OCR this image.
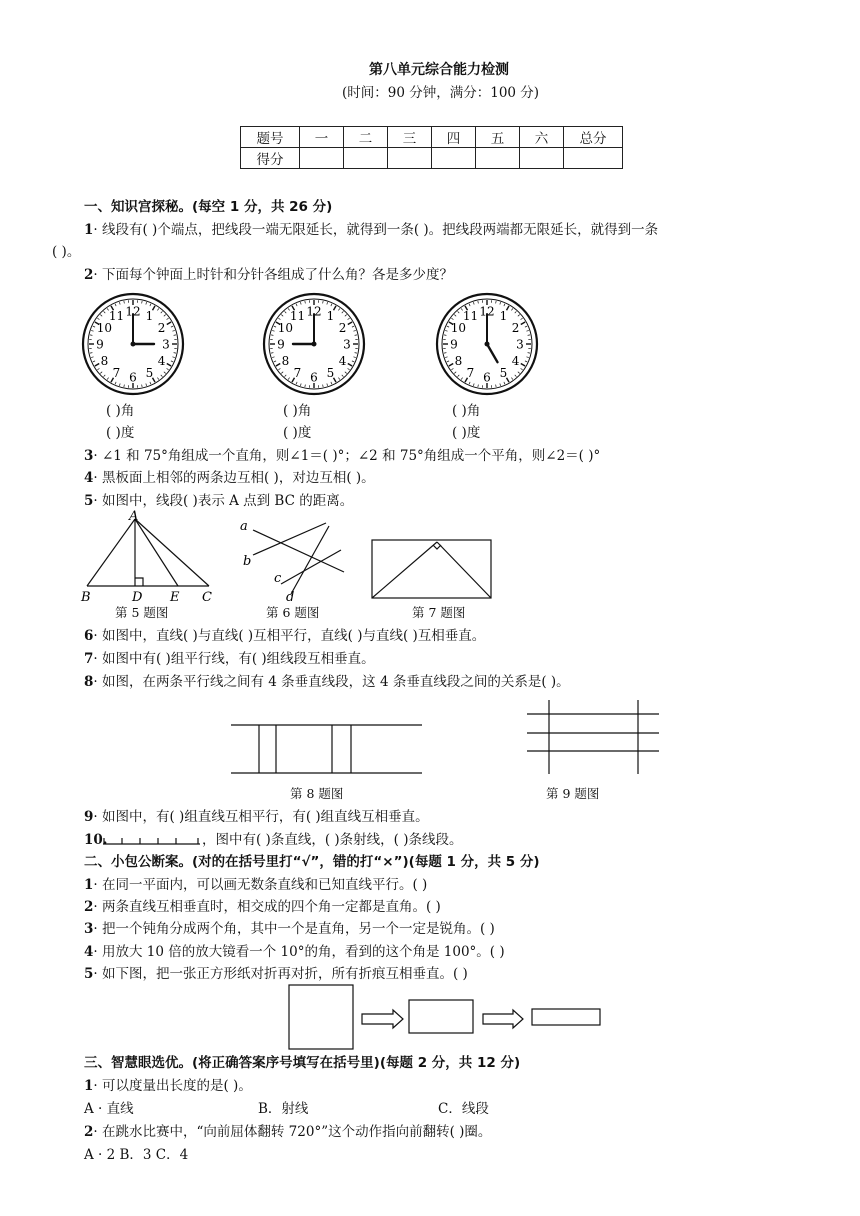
第八单元综合能力检测
(时间：90 分钟，满分：100 分)
题号	一	二	三	四	五	六	总分
得分							
一、知识宫探秘。(每空 1 分，共 26 分)
1· 线段有( )个端点，把线段一端无限延长，就得到一条( )。把线段两端都无限延长，就得到一条
( )。
2· 下面每个钟面上时针和分针各组成了什么角？各是多少度？
12 1
2
3
4
5
6
7
8
9
10
11	12 1
2
3
4
5
6
7
8
9
10
11	12 1
2
3
4
5
6
7
8
9
10
11
( )角
( )度
( )角
( )度
( )角
( )度
3· ∠1 和 75°角组成一个直角，则∠1＝( )°；∠2 和 75°角组成一个平角，则∠2＝( )°
4· 黑板面上相邻的两条边互相( )，对边互相( )。
5· 如图中，线段( )表示 A 点到 BC 的距离。
A
B	D E C
a
b
c
d
第 5 题图	第 6 题图	第 7 题图
6· 如图中，直线( )与直线( )互相平行，直线( )与直线( )互相垂直。
7· 如图中有( )组平行线，有( )组线段互相垂直。
8· 如图，在两条平行线之间有 4 条垂直线段，这 4 条垂直线段之间的关系是( )。
第 8 题图	第 9 题图
9· 如图中，有( )组直线互相平行，有( )组直线互相垂直。
10.	，图中有( )条直线，( )条射线，( )条线段。
二、小包公断案。(对的在括号里打“√”，错的打“×”)(每题 1 分，共 5 分)
1· 在同一平面内，可以画无数条直线和已知直线平行。( )
2· 两条直线互相垂直时，相交成的四个角一定都是直角。( )
3· 把一个钝角分成两个角，其中一个是直角，另一个一定是锐角。( )
4· 用放大 10 倍的放大镜看一个 10°的角，看到的这个角是 100°。( )
5· 如下图，把一张正方形纸对折再对折，所有折痕互相垂直。( )
三、智慧眼选优。(将正确答案序号填写在括号里)(每题 2 分，共 12 分)
1· 可以度量出长度的是( )。
A · 直线	B．射线	C．线段
2· 在跳水比赛中，“向前屈体翻转 720°”这个动作指向前翻转( )圈。
A · 2 B．3 C．4
